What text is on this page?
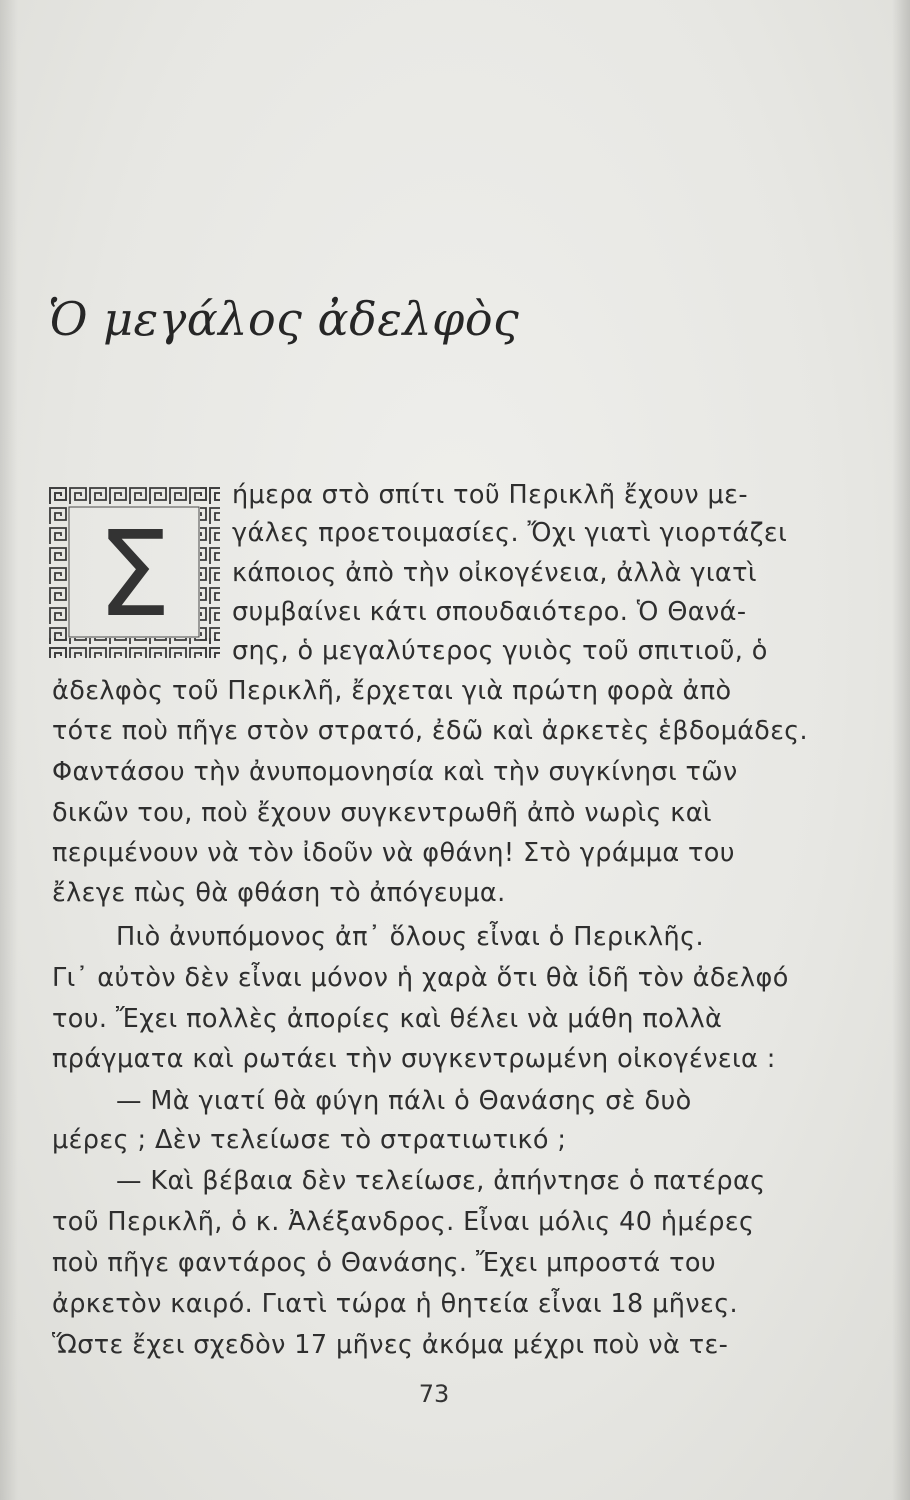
Ὁ μεγάλος ἀδελφὸς
Σ
ήμερα στὸ σπίτι τοῦ Περικλῆ ἔχουν με-
γάλες προετοιμασίες. Ὄχι γιατὶ γιορτάζει
κάποιος ἀπὸ τὴν οἰκογένεια, ἀλλὰ γιατὶ
συμβαίνει κάτι σπουδαιότερο. Ὁ Θανά-
σης, ὁ μεγαλύτερος γυιὸς τοῦ σπιτιοῦ, ὁ
ἀδελφὸς τοῦ Περικλῆ, ἔρχεται γιὰ πρώτη φορὰ ἀπὸ
τότε ποὺ πῆγε στὸν στρατό, ἐδῶ καὶ ἀρκετὲς ἑβδομάδες.
Φαντάσου τὴν ἀνυπομονησία καὶ τὴν συγκίνησι τῶν
δικῶν του, ποὺ ἔχουν συγκεντρωθῆ ἀπὸ νωρὶς καὶ
περιμένουν νὰ τὸν ἰδοῦν νὰ φθάνη! Στὸ γράμμα του
ἔλεγε πὼς θὰ φθάση τὸ ἀπόγευμα.
Πιὸ ἀνυπόμονος ἀπ᾽ ὅλους εἶναι ὁ Περικλῆς.
Γι᾽ αὐτὸν δὲν εἶναι μόνον ἡ χαρὰ ὅτι θὰ ἰδῆ τὸν ἀδελφό
του. Ἔχει πολλὲς ἀπορίες καὶ θέλει νὰ μάθη πολλὰ
πράγματα καὶ ρωτάει τὴν συγκεντρωμένη οἰκογένεια :
— Μὰ γιατί θὰ φύγη πάλι ὁ Θανάσης σὲ δυὸ
μέρες ; Δὲν τελείωσε τὸ στρατιωτικό ;
— Καὶ βέβαια δὲν τελείωσε, ἀπήντησε ὁ πατέρας
τοῦ Περικλῆ, ὁ κ. Ἀλέξανδρος. Εἶναι μόλις 40 ἡμέρες
ποὺ πῆγε φαντάρος ὁ Θανάσης. Ἔχει μπροστά του
ἀρκετὸν καιρό. Γιατὶ τώρα ἡ θητεία εἶναι 18 μῆνες.
Ὥστε ἔχει σχεδὸν 17 μῆνες ἀκόμα μέχρι ποὺ νὰ τε-
73
